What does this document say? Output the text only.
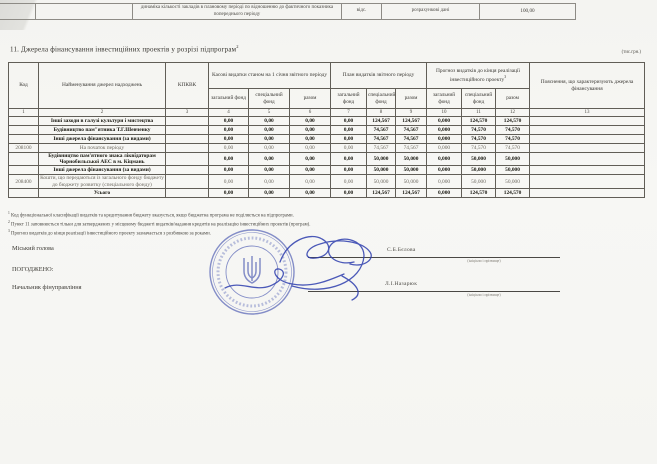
		динаміка кількості закладів в плановому періоді по відношенню до фактичного показника попереднього періоду	відс.	розрахункові дані	100,00
11. Джерела фінансування інвестиційних проектів у розрізі підпрограм$^2$
(тис.грн.)
Код	Найменування джерел надходжень	КПКВК	Касові видатки станом на 1 січня звітного періоду			План видатків звітного періоду			Прогноз видатків до кінця реалізації інвестиційного проекту$^3$			Пояснення, що характеризують джерела фінансування
			загальний фонд	спеціальний фонд	разом	загальний фонд	спеціальний фонд	разом	загальний фонд	спеціальний фонд	разом	
1	2	3	4	5	6	7	8	9	10	11	12	13
	Інші заходи в галузі культури і мистецтва		0,00	0,00	0,00	0,00	124,567	124,567	0,000	124,570	124,570	
	Будівництво пам"ятника Т.Г.Шевченку		0,00	0,00	0,00	0,00	74,567	74,567	0,000	74,570	74,570	
	Інші джерела фінансування (за видами)		0,00	0,00	0,00	0,00	74,567	74,567	0,000	74,570	74,570	
208100	На початок періоду		0,00	0,00	0,00	0,00	74,567	74,567	0,000	74,570	74,570	
	Будівництво пам'ятного знака ліквідаторам Чорнобильської АЕС в м. Кіцмань		0,00	0,00	0,00	0,00	50,000	50,000	0,000	50,000	50,000	
	Інші джерела фінансування (за видами)		0,00	0,00	0,00	0,00	50,000	50,000	0,000	50,000	50,000	
208400	Кошти, що передаються із загального фонду бюджету до бюджету розвитку (спеціального фонду)		0,00	0,00	0,00	0,00	50,000	50,000	0,000	50,000	50,000	
	Усього		0,00	0,00	0,00	0,00	124,567	124,567	0,000	124,570	124,570	
$^1$ Код функціональної класифікації видатків та кредитування бюджету вказується, якщо бюджетна програма не поділяється на підпрограми.
$^2$ Пункт 11 заповнюється тільки для затверджених у місцевому бюджеті видатків/надання кредитів на реалізацію інвестиційних проектів (програм).
$^3$ Прогноз видатків до кінця реалізації інвестиційного проекту зазначається з розбивкою за роками.
Міський голова	С.Б.Бєлова
(ініціали і прізвище)
ПОГОДЖЕНО:
Начальник фінуправління	Л.І.Назарюк
(ініціали і прізвище)
